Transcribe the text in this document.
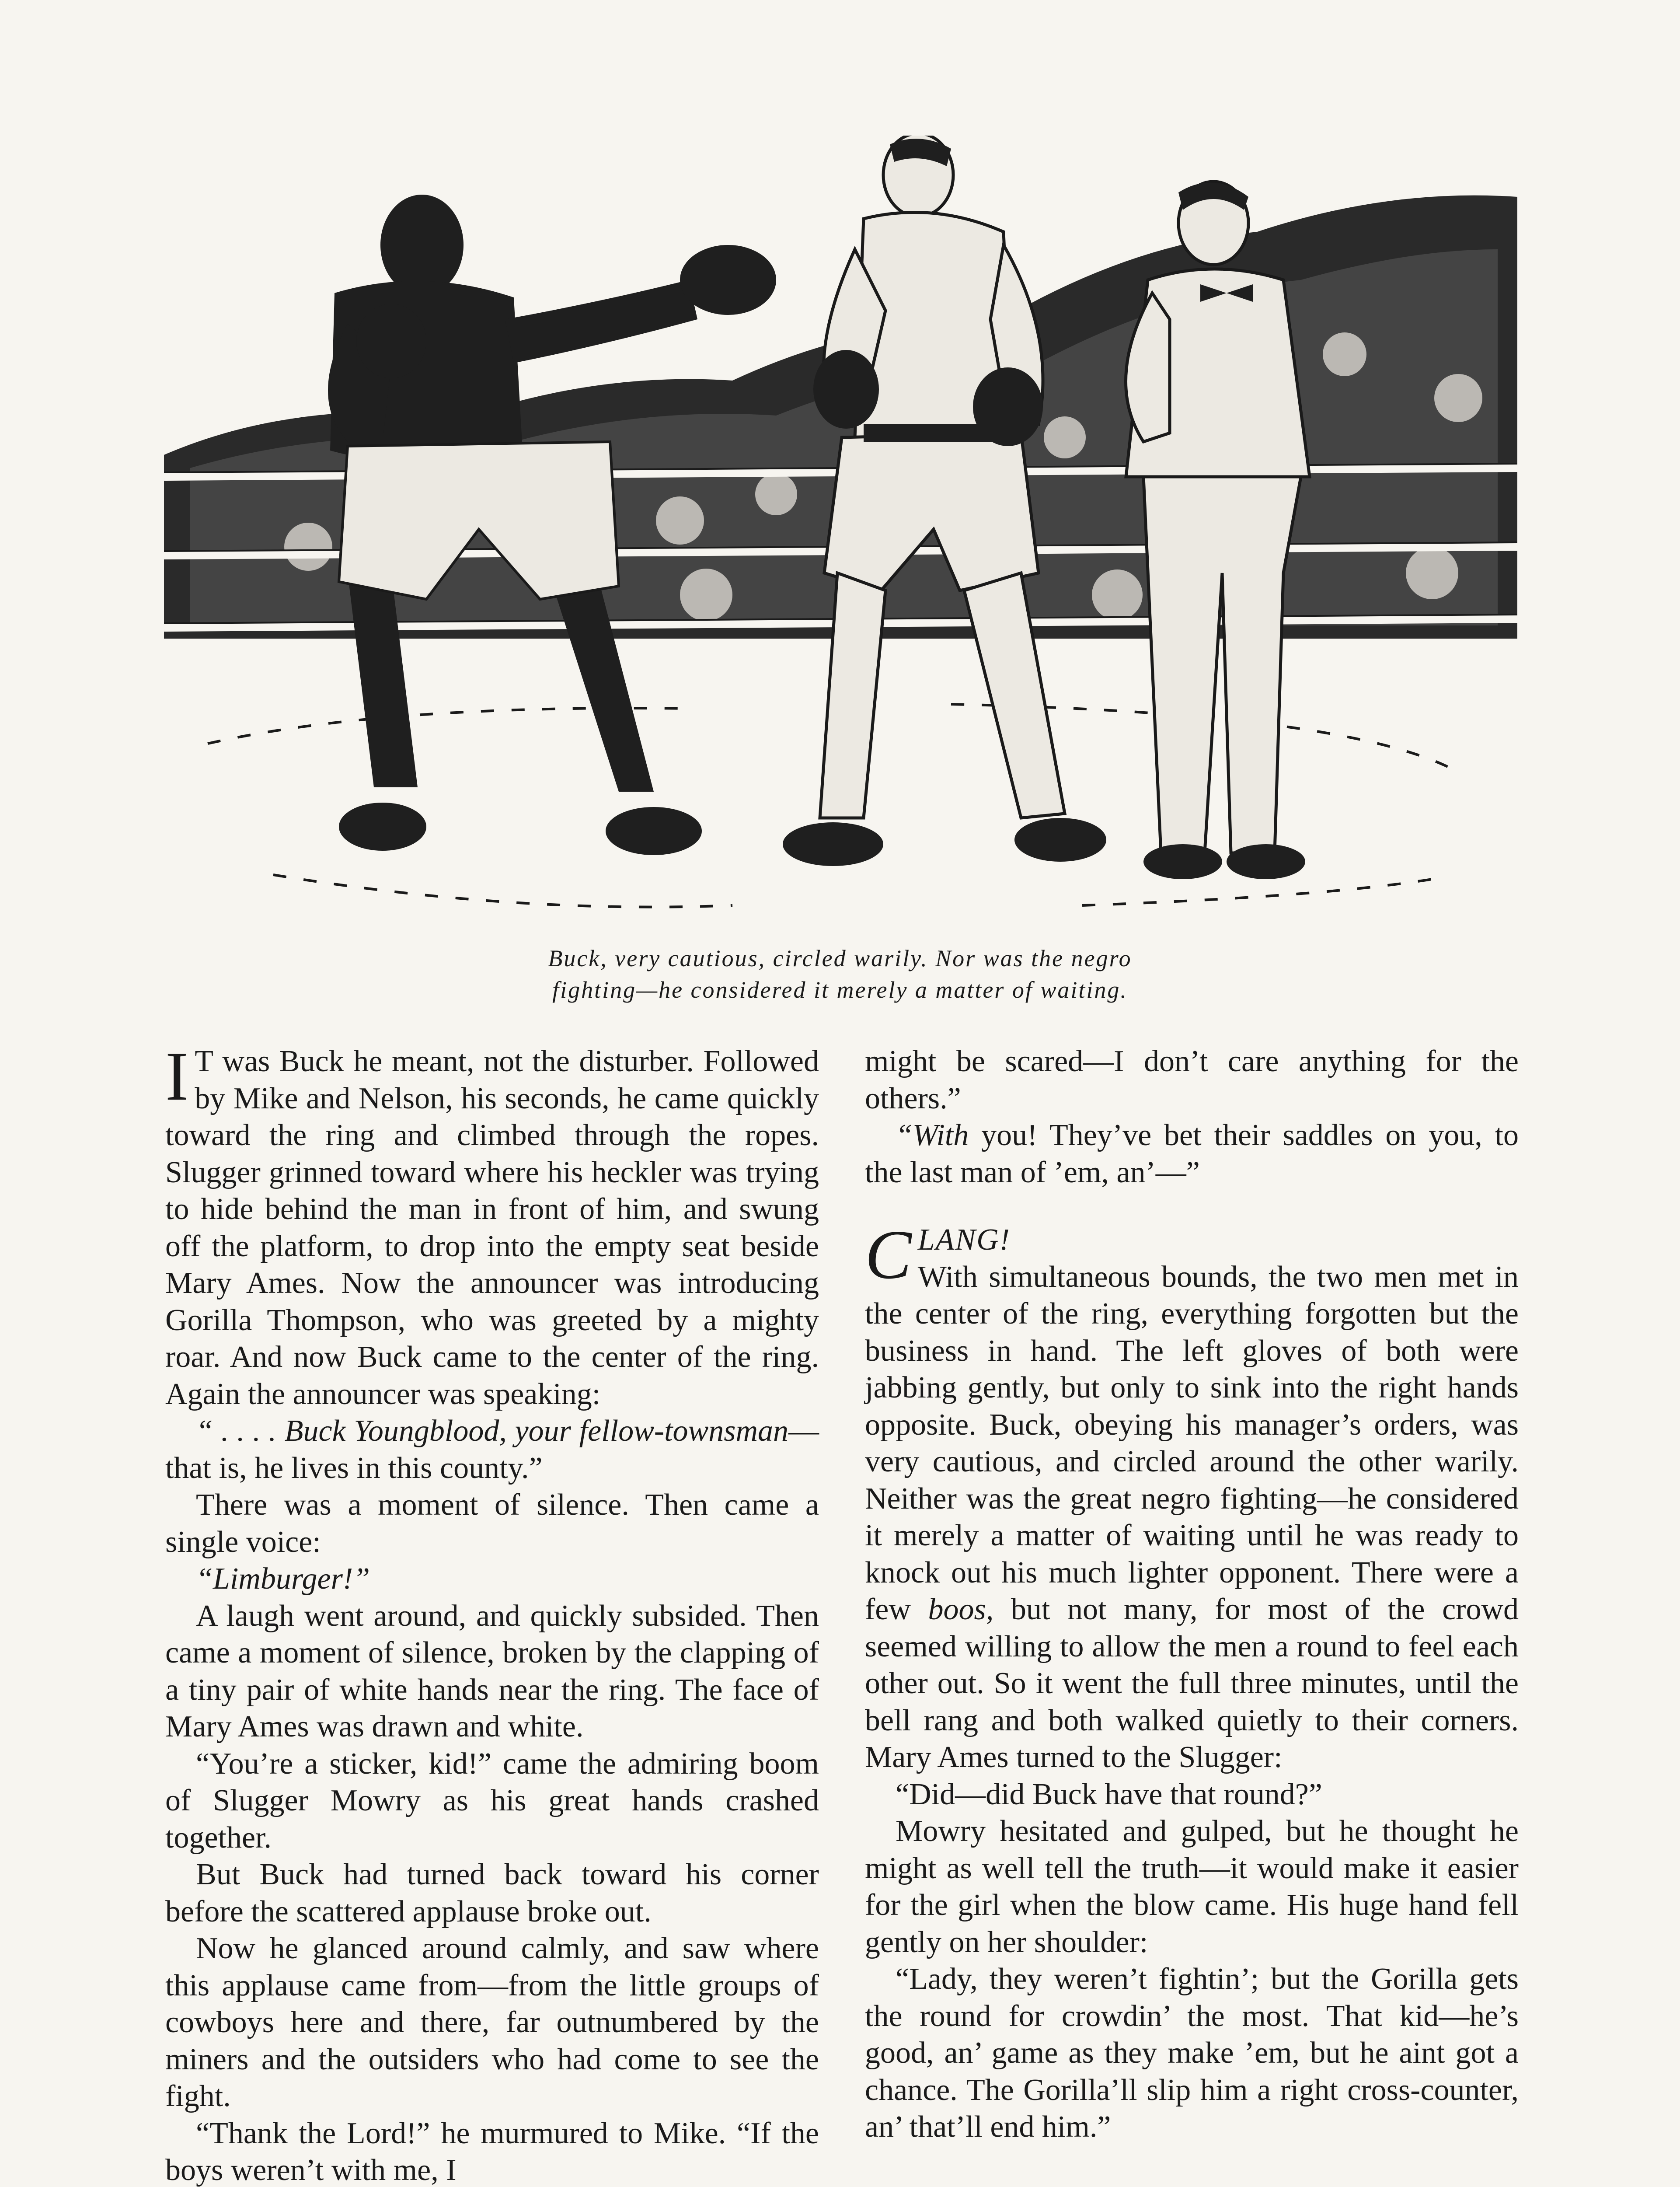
Buck, very cautious, circled warily. Nor was the negro
fighting—he considered it merely a matter of waiting.

I T was Buck he meant, not the disturber. Followed by Mike and Nelson, his seconds, he came quickly toward the ring and climbed through the ropes. Slugger grinned toward where his heckler was trying to hide behind the man in front of him, and swung off the platform, to drop into the empty seat beside Mary Ames. Now the announcer was introducing Gorilla Thompson, who was greeted by a mighty roar. And now Buck came to the center of the ring. Again the announcer was speaking:

“ . . . . Buck Youngblood, your fellow-townsman—that is, he lives in this county.”

There was a moment of silence. Then came a single voice:

“Limburger!”

A laugh went around, and quickly subsided. Then came a moment of silence, broken by the clapping of a tiny pair of white hands near the ring. The face of Mary Ames was drawn and white.

“You’re a sticker, kid!” came the admiring boom of Slugger Mowry as his great hands crashed together.

But Buck had turned back toward his corner before the scattered applause broke out.

Now he glanced around calmly, and saw where this applause came from—from the little groups of cowboys here and there, far outnumbered by the miners and the outsiders who had come to see the fight.

“Thank the Lord!” he murmured to Mike. “If the boys weren’t with me, I

might be scared—I don’t care anything for the others.”

“With you! They’ve bet their saddles on you, to the last man of ’em, an’—”

CLANG!
With simultaneous bounds, the two men met in the center of the ring, everything forgotten but the business in hand. The left gloves of both were jabbing gently, but only to sink into the right hands opposite. Buck, obeying his manager’s orders, was very cautious, and circled around the other warily. Neither was the great negro fighting—he considered it merely a matter of waiting until he was ready to knock out his much lighter opponent. There were a few boos, but not many, for most of the crowd seemed willing to allow the men a round to feel each other out. So it went the full three minutes, until the bell rang and both walked quietly to their corners. Mary Ames turned to the Slugger:

“Did—did Buck have that round?”

Mowry hesitated and gulped, but he thought he might as well tell the truth—it would make it easier for the girl when the blow came. His huge hand fell gently on her shoulder:

“Lady, they weren’t fightin’; but the Gorilla gets the round for crowdin’ the most. That kid—he’s good, an’ game as they make ’em, but he aint got a chance. The Gorilla’ll slip him a right cross-counter, an’ that’ll end him.”
